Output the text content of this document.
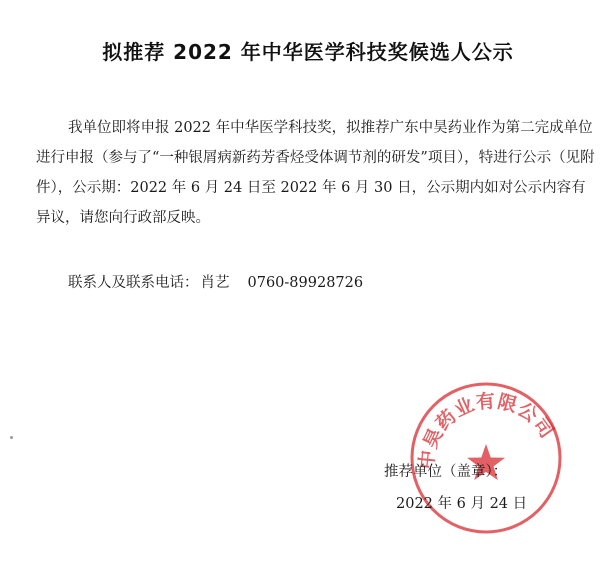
拟推荐 2022 年中华医学科技奖候选人公示

我单位即将申报 2022 年中华医学科技奖，拟推荐广东中昊药业作为第二完成单位进行申报（参与了“一种银屑病新药芳香烃受体调节剂的研发”项目），特进行公示（见附件），公示期：2022 年 6 月 24 日至 2022 年 6 月 30 日，公示期内如对公示内容有异议，请您向行政部反映。

联系人及联系电话： 肖艺 0760-89928726
中昊药业有限公司
推荐单位（盖章）：
2022 年 6 月 24 日
